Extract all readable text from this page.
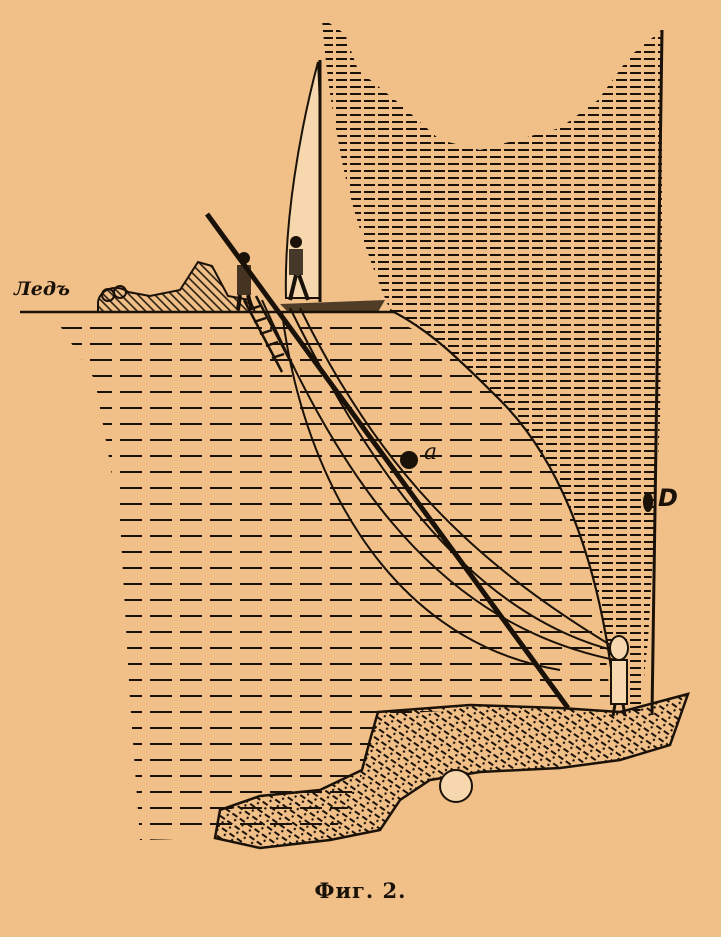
Ледъ
a
D
Фиг. 2.
